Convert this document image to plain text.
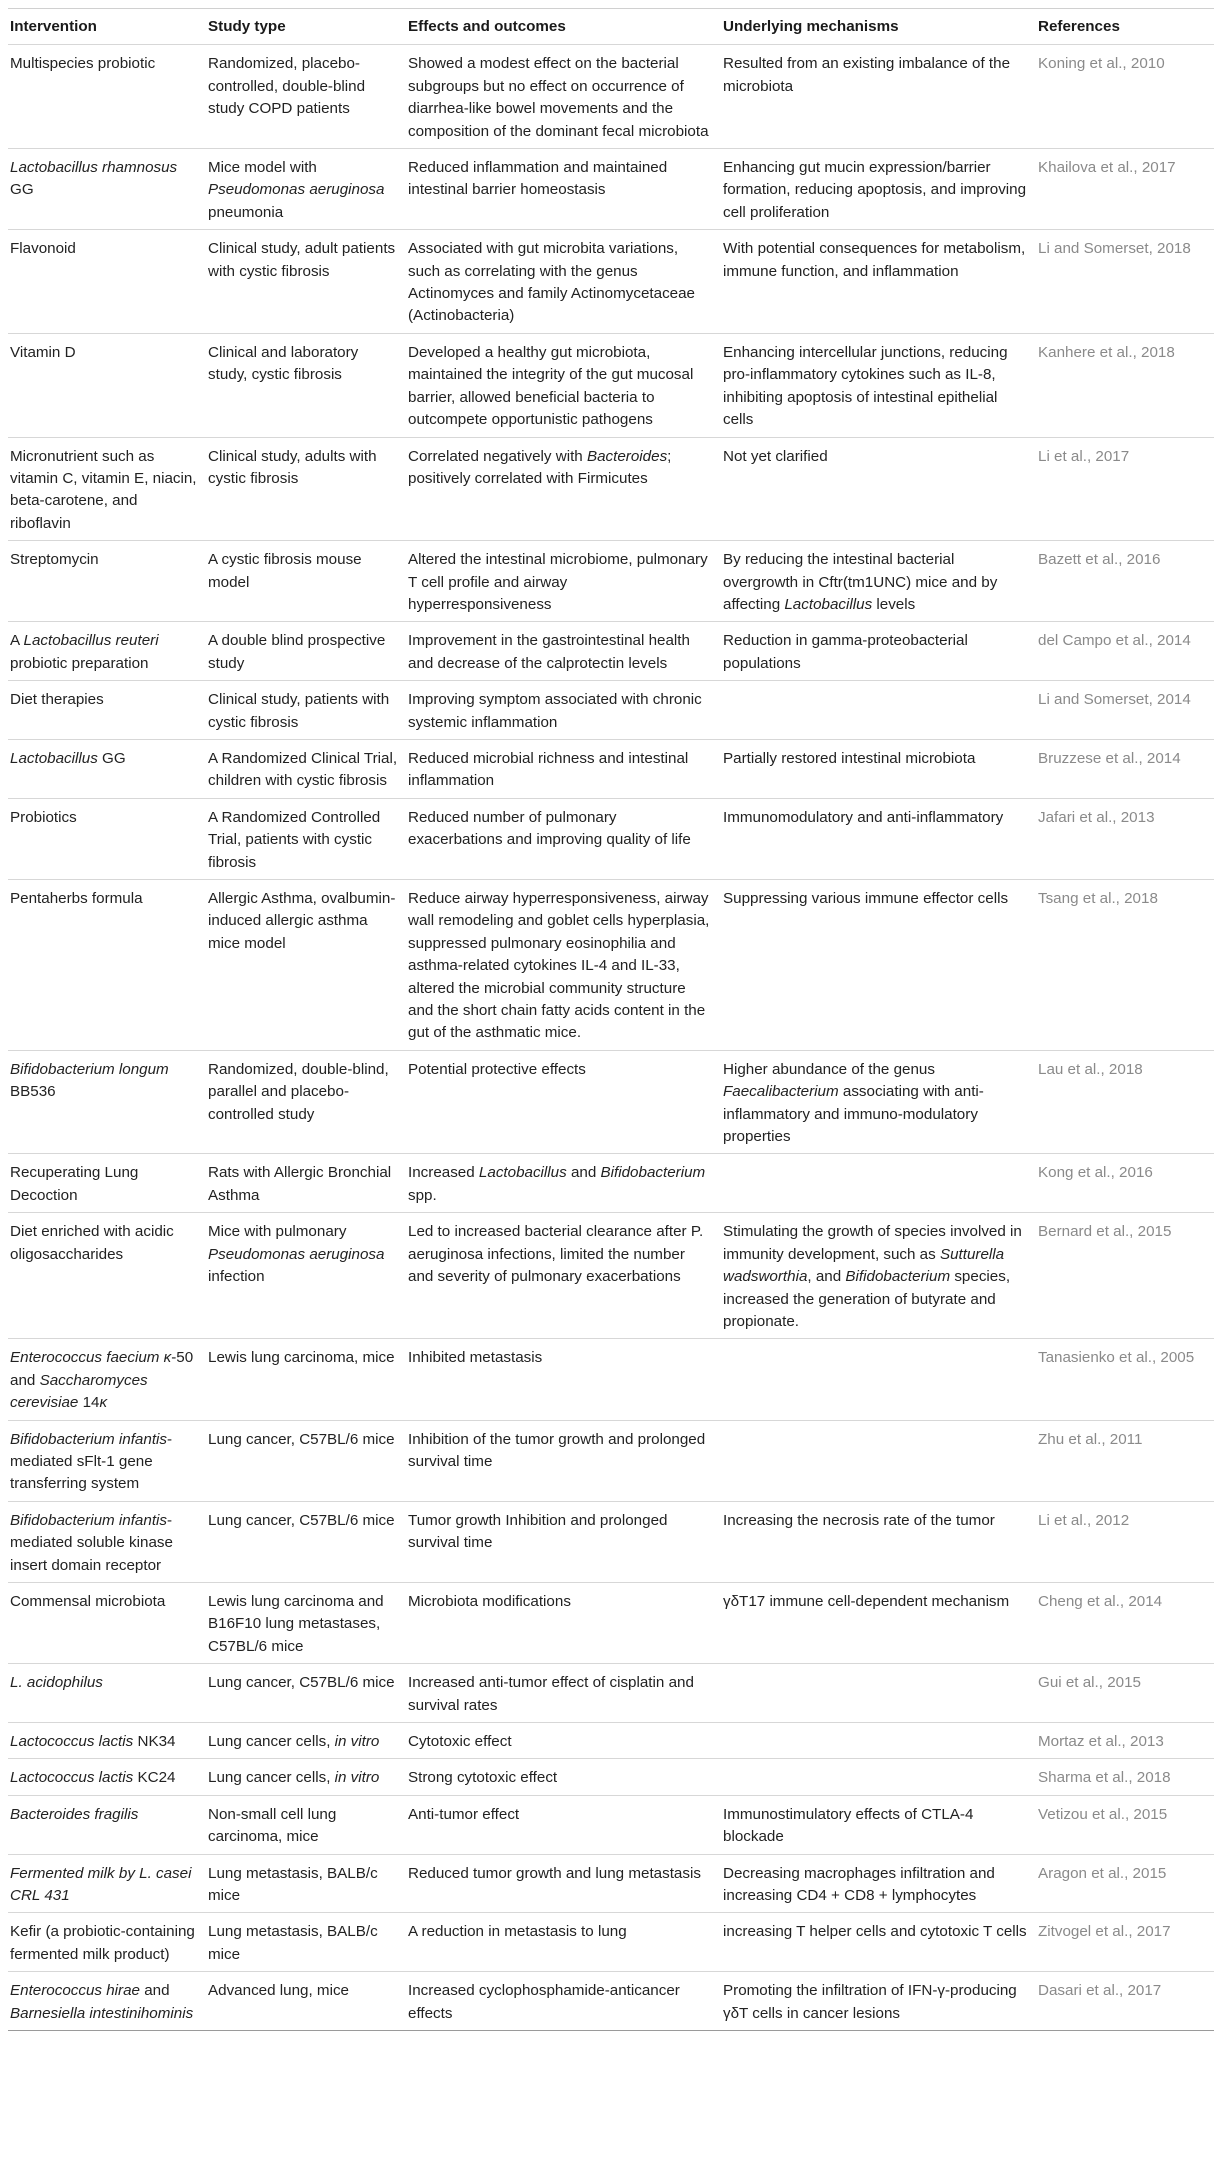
Intervention	Study type	Effects and outcomes	Underlying mechanisms	References
Multispecies probiotic	Randomized, placebo-controlled, double-blind study COPD patients	Showed a modest effect on the bacterial subgroups but no effect on occurrence of diarrhea-like bowel movements and the composition of the dominant fecal microbiota	Resulted from an existing imbalance of the microbiota	Koning et al., 2010
Lactobacillus rhamnosus GG	Mice model with Pseudomonas aeruginosa pneumonia	Reduced inflammation and maintained intestinal barrier homeostasis	Enhancing gut mucin expression/barrier formation, reducing apoptosis, and improving cell proliferation	Khailova et al., 2017
Flavonoid	Clinical study, adult patients with cystic fibrosis	Associated with gut microbita variations, such as correlating with the genus Actinomyces and family Actinomycetaceae (Actinobacteria)	With potential consequences for metabolism, immune function, and inflammation	Li and Somerset, 2018
Vitamin D	Clinical and laboratory study, cystic fibrosis	Developed a healthy gut microbiota, maintained the integrity of the gut mucosal barrier, allowed beneficial bacteria to outcompete opportunistic pathogens	Enhancing intercellular junctions, reducing pro-inflammatory cytokines such as IL-8, inhibiting apoptosis of intestinal epithelial cells	Kanhere et al., 2018
Micronutrient such as vitamin C, vitamin E, niacin, beta-carotene, and riboflavin	Clinical study, adults with cystic fibrosis	Correlated negatively with Bacteroides; positively correlated with Firmicutes	Not yet clarified	Li et al., 2017
Streptomycin	A cystic fibrosis mouse model	Altered the intestinal microbiome, pulmonary T cell profile and airway hyperresponsiveness	By reducing the intestinal bacterial overgrowth in Cftr(tm1UNC) mice and by affecting Lactobacillus levels	Bazett et al., 2016
A Lactobacillus reuteri probiotic preparation	A double blind prospective study	Improvement in the gastrointestinal health and decrease of the calprotectin levels	Reduction in gamma-proteobacterial populations	del Campo et al., 2014
Diet therapies	Clinical study, patients with cystic fibrosis	Improving symptom associated with chronic systemic inflammation		Li and Somerset, 2014
Lactobacillus GG	A Randomized Clinical Trial, children with cystic fibrosis	Reduced microbial richness and intestinal inflammation	Partially restored intestinal microbiota	Bruzzese et al., 2014
Probiotics	A Randomized Controlled Trial, patients with cystic fibrosis	Reduced number of pulmonary exacerbations and improving quality of life	Immunomodulatory and anti-inflammatory	Jafari et al., 2013
Pentaherbs formula	Allergic Asthma, ovalbumin-induced allergic asthma mice model	Reduce airway hyperresponsiveness, airway wall remodeling and goblet cells hyperplasia, suppressed pulmonary eosinophilia and asthma-related cytokines IL-4 and IL-33, altered the microbial community structure and the short chain fatty acids content in the gut of the asthmatic mice.	Suppressing various immune effector cells	Tsang et al., 2018
Bifidobacterium longum BB536	Randomized, double-blind, parallel and placebo-controlled study	Potential protective effects	Higher abundance of the genus Faecalibacterium associating with anti-inflammatory and immuno-modulatory properties	Lau et al., 2018
Recuperating Lung Decoction	Rats with Allergic Bronchial Asthma	Increased Lactobacillus and Bifidobacterium spp.		Kong et al., 2016
Diet enriched with acidic oligosaccharides	Mice with pulmonary Pseudomonas aeruginosa infection	Led to increased bacterial clearance after P. aeruginosa infections, limited the number and severity of pulmonary exacerbations	Stimulating the growth of species involved in immunity development, such as Sutturella wadsworthia, and Bifidobacterium species, increased the generation of butyrate and propionate.	Bernard et al., 2015
Enterococcus faecium κ-50 and Saccharomyces cerevisiae 14κ	Lewis lung carcinoma, mice	Inhibited metastasis		Tanasienko et al., 2005
Bifidobacterium infantis-mediated sFlt-1 gene transferring system	Lung cancer, C57BL/6 mice	Inhibition of the tumor growth and prolonged survival time		Zhu et al., 2011
Bifidobacterium infantis-mediated soluble kinase insert domain receptor	Lung cancer, C57BL/6 mice	Tumor growth Inhibition and prolonged survival time	Increasing the necrosis rate of the tumor	Li et al., 2012
Commensal microbiota	Lewis lung carcinoma and B16F10 lung metastases, C57BL/6 mice	Microbiota modifications	γδT17 immune cell-dependent mechanism	Cheng et al., 2014
L. acidophilus	Lung cancer, C57BL/6 mice	Increased anti-tumor effect of cisplatin and survival rates		Gui et al., 2015
Lactococcus lactis NK34	Lung cancer cells, in vitro	Cytotoxic effect		Mortaz et al., 2013
Lactococcus lactis KC24	Lung cancer cells, in vitro	Strong cytotoxic effect		Sharma et al., 2018
Bacteroides fragilis	Non-small cell lung carcinoma, mice	Anti-tumor effect	Immunostimulatory effects of CTLA-4 blockade	Vetizou et al., 2015
Fermented milk by L. casei CRL 431	Lung metastasis, BALB/c mice	Reduced tumor growth and lung metastasis	Decreasing macrophages infiltration and increasing CD4 + CD8 + lymphocytes	Aragon et al., 2015
Kefir (a probiotic-containing fermented milk product)	Lung metastasis, BALB/c mice	A reduction in metastasis to lung	increasing T helper cells and cytotoxic T cells	Zitvogel et al., 2017
Enterococcus hirae and Barnesiella intestinihominis	Advanced lung, mice	Increased cyclophosphamide-anticancer effects	Promoting the infiltration of IFN-γ-producing γδT cells in cancer lesions	Dasari et al., 2017
